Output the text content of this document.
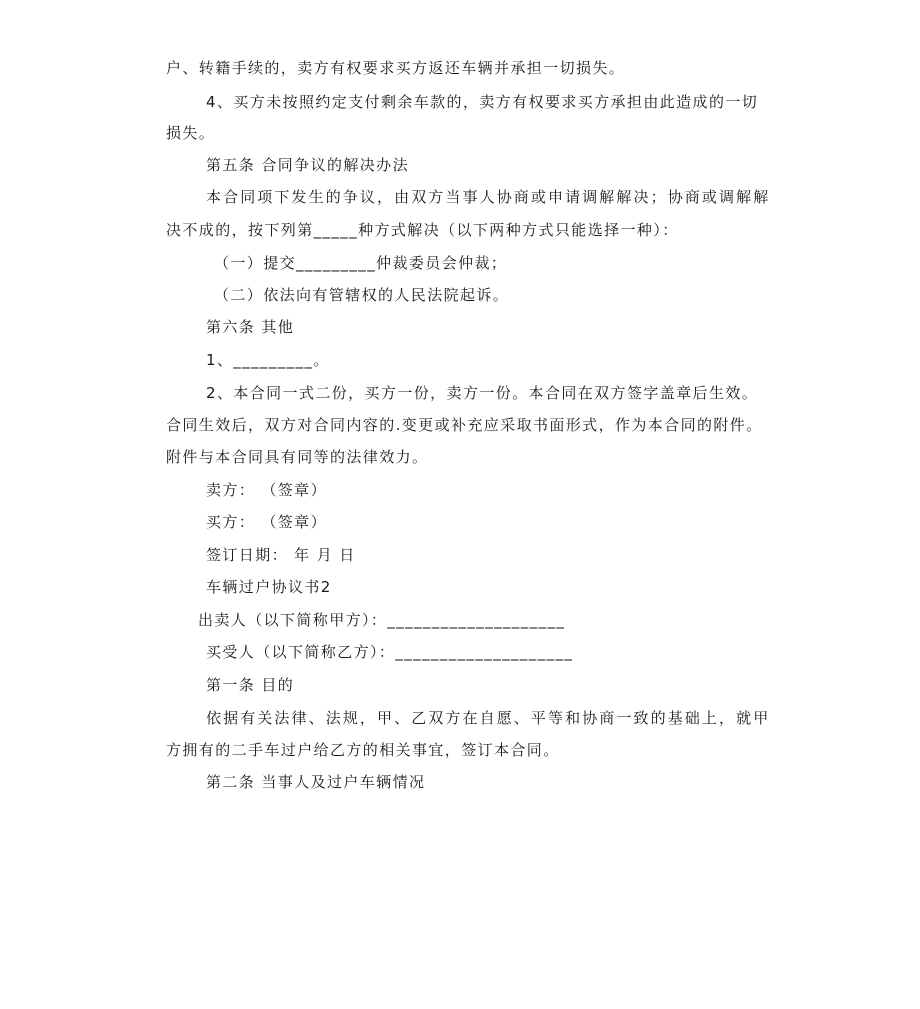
户、转籍手续的，卖方有权要求买方返还车辆并承担一切损失。
4、买方未按照约定支付剩余车款的，卖方有权要求买方承担由此造成的一切
损失。
第五条 合同争议的解决办法
本合同项下发生的争议，由双方当事人协商或申请调解解决；协商或调解解
决不成的，按下列第_____种方式解决（以下两种方式只能选择一种）：
（一）提交_________仲裁委员会仲裁；
（二）依法向有管辖权的人民法院起诉。
第六条 其他
1、_________。
2、本合同一式二份，买方一份，卖方一份。本合同在双方签字盖章后生效。
合同生效后，双方对合同内容的.变更或补充应采取书面形式，作为本合同的附件。
附件与本合同具有同等的法律效力。
卖方： （签章）
买方： （签章）
签订日期： 年 月 日
车辆过户协议书2
出卖人（以下简称甲方）：____________________
买受人（以下简称乙方）：____________________
第一条 目的
依据有关法律、法规，甲、乙双方在自愿、平等和协商一致的基础上，就甲
方拥有的二手车过户给乙方的相关事宜，签订本合同。
第二条 当事人及过户车辆情况
